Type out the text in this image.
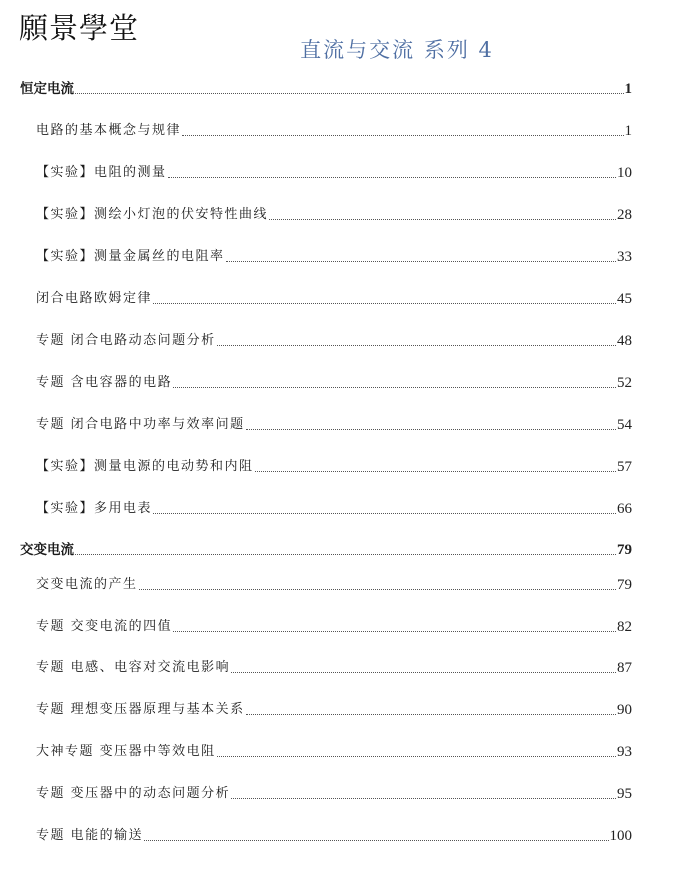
願景學堂
直流与交流 系列 4
恒定电流	1
电路的基本概念与规律	1
【实验】电阻的测量	10
【实验】测绘小灯泡的伏安特性曲线	28
【实验】测量金属丝的电阻率	33
闭合电路欧姆定律	45
专题 闭合电路动态问题分析	48
专题 含电容器的电路	52
专题 闭合电路中功率与效率问题	54
【实验】测量电源的电动势和内阻	57
【实验】多用电表	66
交变电流	79
交变电流的产生	79
专题 交变电流的四值	82
专题 电感、电容对交流电影响	87
专题 理想变压器原理与基本关系	90
大神专题 变压器中等效电阻	93
专题 变压器中的动态问题分析	95
专题 电能的输送	100
